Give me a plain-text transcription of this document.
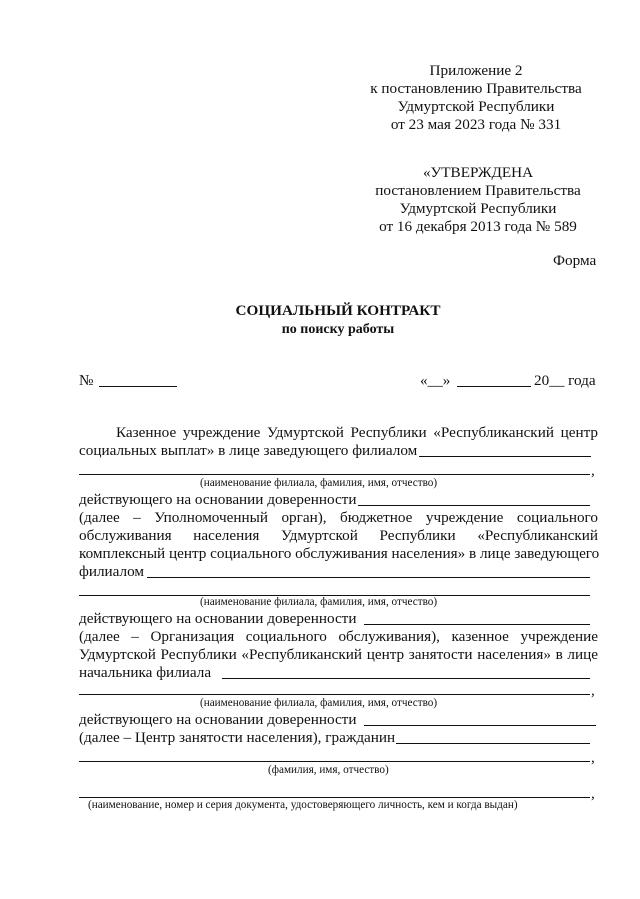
Приложение 2
к постановлению Правительства
Удмуртской Республики
от 23 мая 2023 года № 331
«УТВЕРЖДЕНА
постановлением Правительства
Удмуртской Республики
от 16 декабря 2013 года № 589
Форма
СОЦИАЛЬНЫЙ КОНТРАКТ
по поиску работы
№	«__»	20__ года
Казенное учреждение Удмуртской Республики «Республиканский центр
социальных выплат» в лице заведующего филиалом
,
(наименование филиала, фамилия, имя, отчество)
действующего на основании доверенности
(далее – Уполномоченный орган), бюджетное учреждение социального
обслуживания населения Удмуртской Республики «Республиканский
комплексный центр социального обслуживания населения» в лице заведующего
филиалом
(наименование филиала, фамилия, имя, отчество)
действующего на основании доверенности
(далее – Организация социального обслуживания), казенное учреждение
Удмуртской Республики «Республиканский центр занятости населения» в лице
начальника филиала
,
(наименование филиала, фамилия, имя, отчество)
действующего на основании доверенности
(далее – Центр занятости населения), гражданин
,
(фамилия, имя, отчество)
,
(наименование, номер и серия документа, удостоверяющего личность, кем и когда выдан)
